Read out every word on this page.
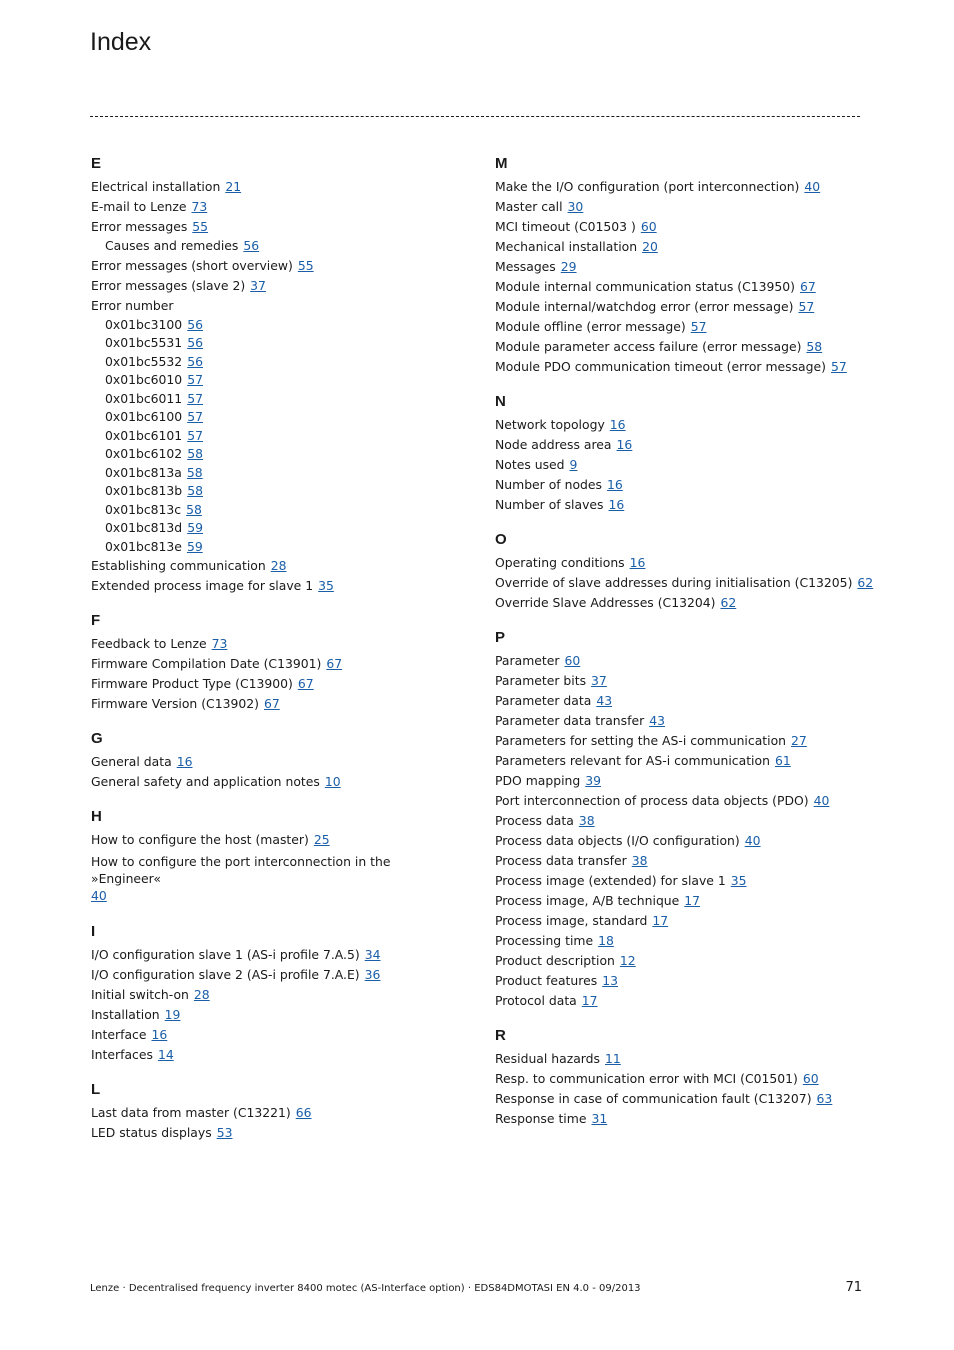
Index
E
Electrical installation 21
E-mail to Lenze 73
Error messages 55
Causes and remedies 56
Error messages (short overview) 55
Error messages (slave 2) 37
Error number
0x01bc3100 56
0x01bc5531 56
0x01bc5532 56
0x01bc6010 57
0x01bc6011 57
0x01bc6100 57
0x01bc6101 57
0x01bc6102 58
0x01bc813a 58
0x01bc813b 58
0x01bc813c 58
0x01bc813d 59
0x01bc813e 59
Establishing communication 28
Extended process image for slave 1 35
F
Feedback to Lenze 73
Firmware Compilation Date (C13901) 67
Firmware Product Type (C13900) 67
Firmware Version (C13902) 67
G
General data 16
General safety and application notes 10
H
How to configure the host (master) 25
How to configure the port interconnection in the »Engineer«
40
I
I/O configuration slave 1 (AS-i profile 7.A.5) 34
I/O configuration slave 2 (AS-i profile 7.A.E) 36
Initial switch-on 28
Installation 19
Interface 16
Interfaces 14
L
Last data from master (C13221) 66
LED status displays 53
M
Make the I/O configuration (port interconnection) 40
Master call 30
MCI timeout (C01503 ) 60
Mechanical installation 20
Messages 29
Module internal communication status (C13950) 67
Module internal/watchdog error (error message) 57
Module offline (error message) 57
Module parameter access failure (error message) 58
Module PDO communication timeout (error message) 57
N
Network topology 16
Node address area 16
Notes used 9
Number of nodes 16
Number of slaves 16
O
Operating conditions 16
Override of slave addresses during initialisation (C13205) 62
Override Slave Addresses (C13204) 62
P
Parameter 60
Parameter bits 37
Parameter data 43
Parameter data transfer 43
Parameters for setting the AS-i communication 27
Parameters relevant for AS-i communication 61
PDO mapping 39
Port interconnection of process data objects (PDO) 40
Process data 38
Process data objects (I/O configuration) 40
Process data transfer 38
Process image (extended) for slave 1 35
Process image, A/B technique 17
Process image, standard 17
Processing time 18
Product description 12
Product features 13
Protocol data 17
R
Residual hazards 11
Resp. to communication error with MCI (C01501) 60
Response in case of communication fault (C13207) 63
Response time 31
Lenze · Decentralised frequency inverter 8400 motec (AS-Interface option) · EDS84DMOTASI EN 4.0 - 09/2013	71
